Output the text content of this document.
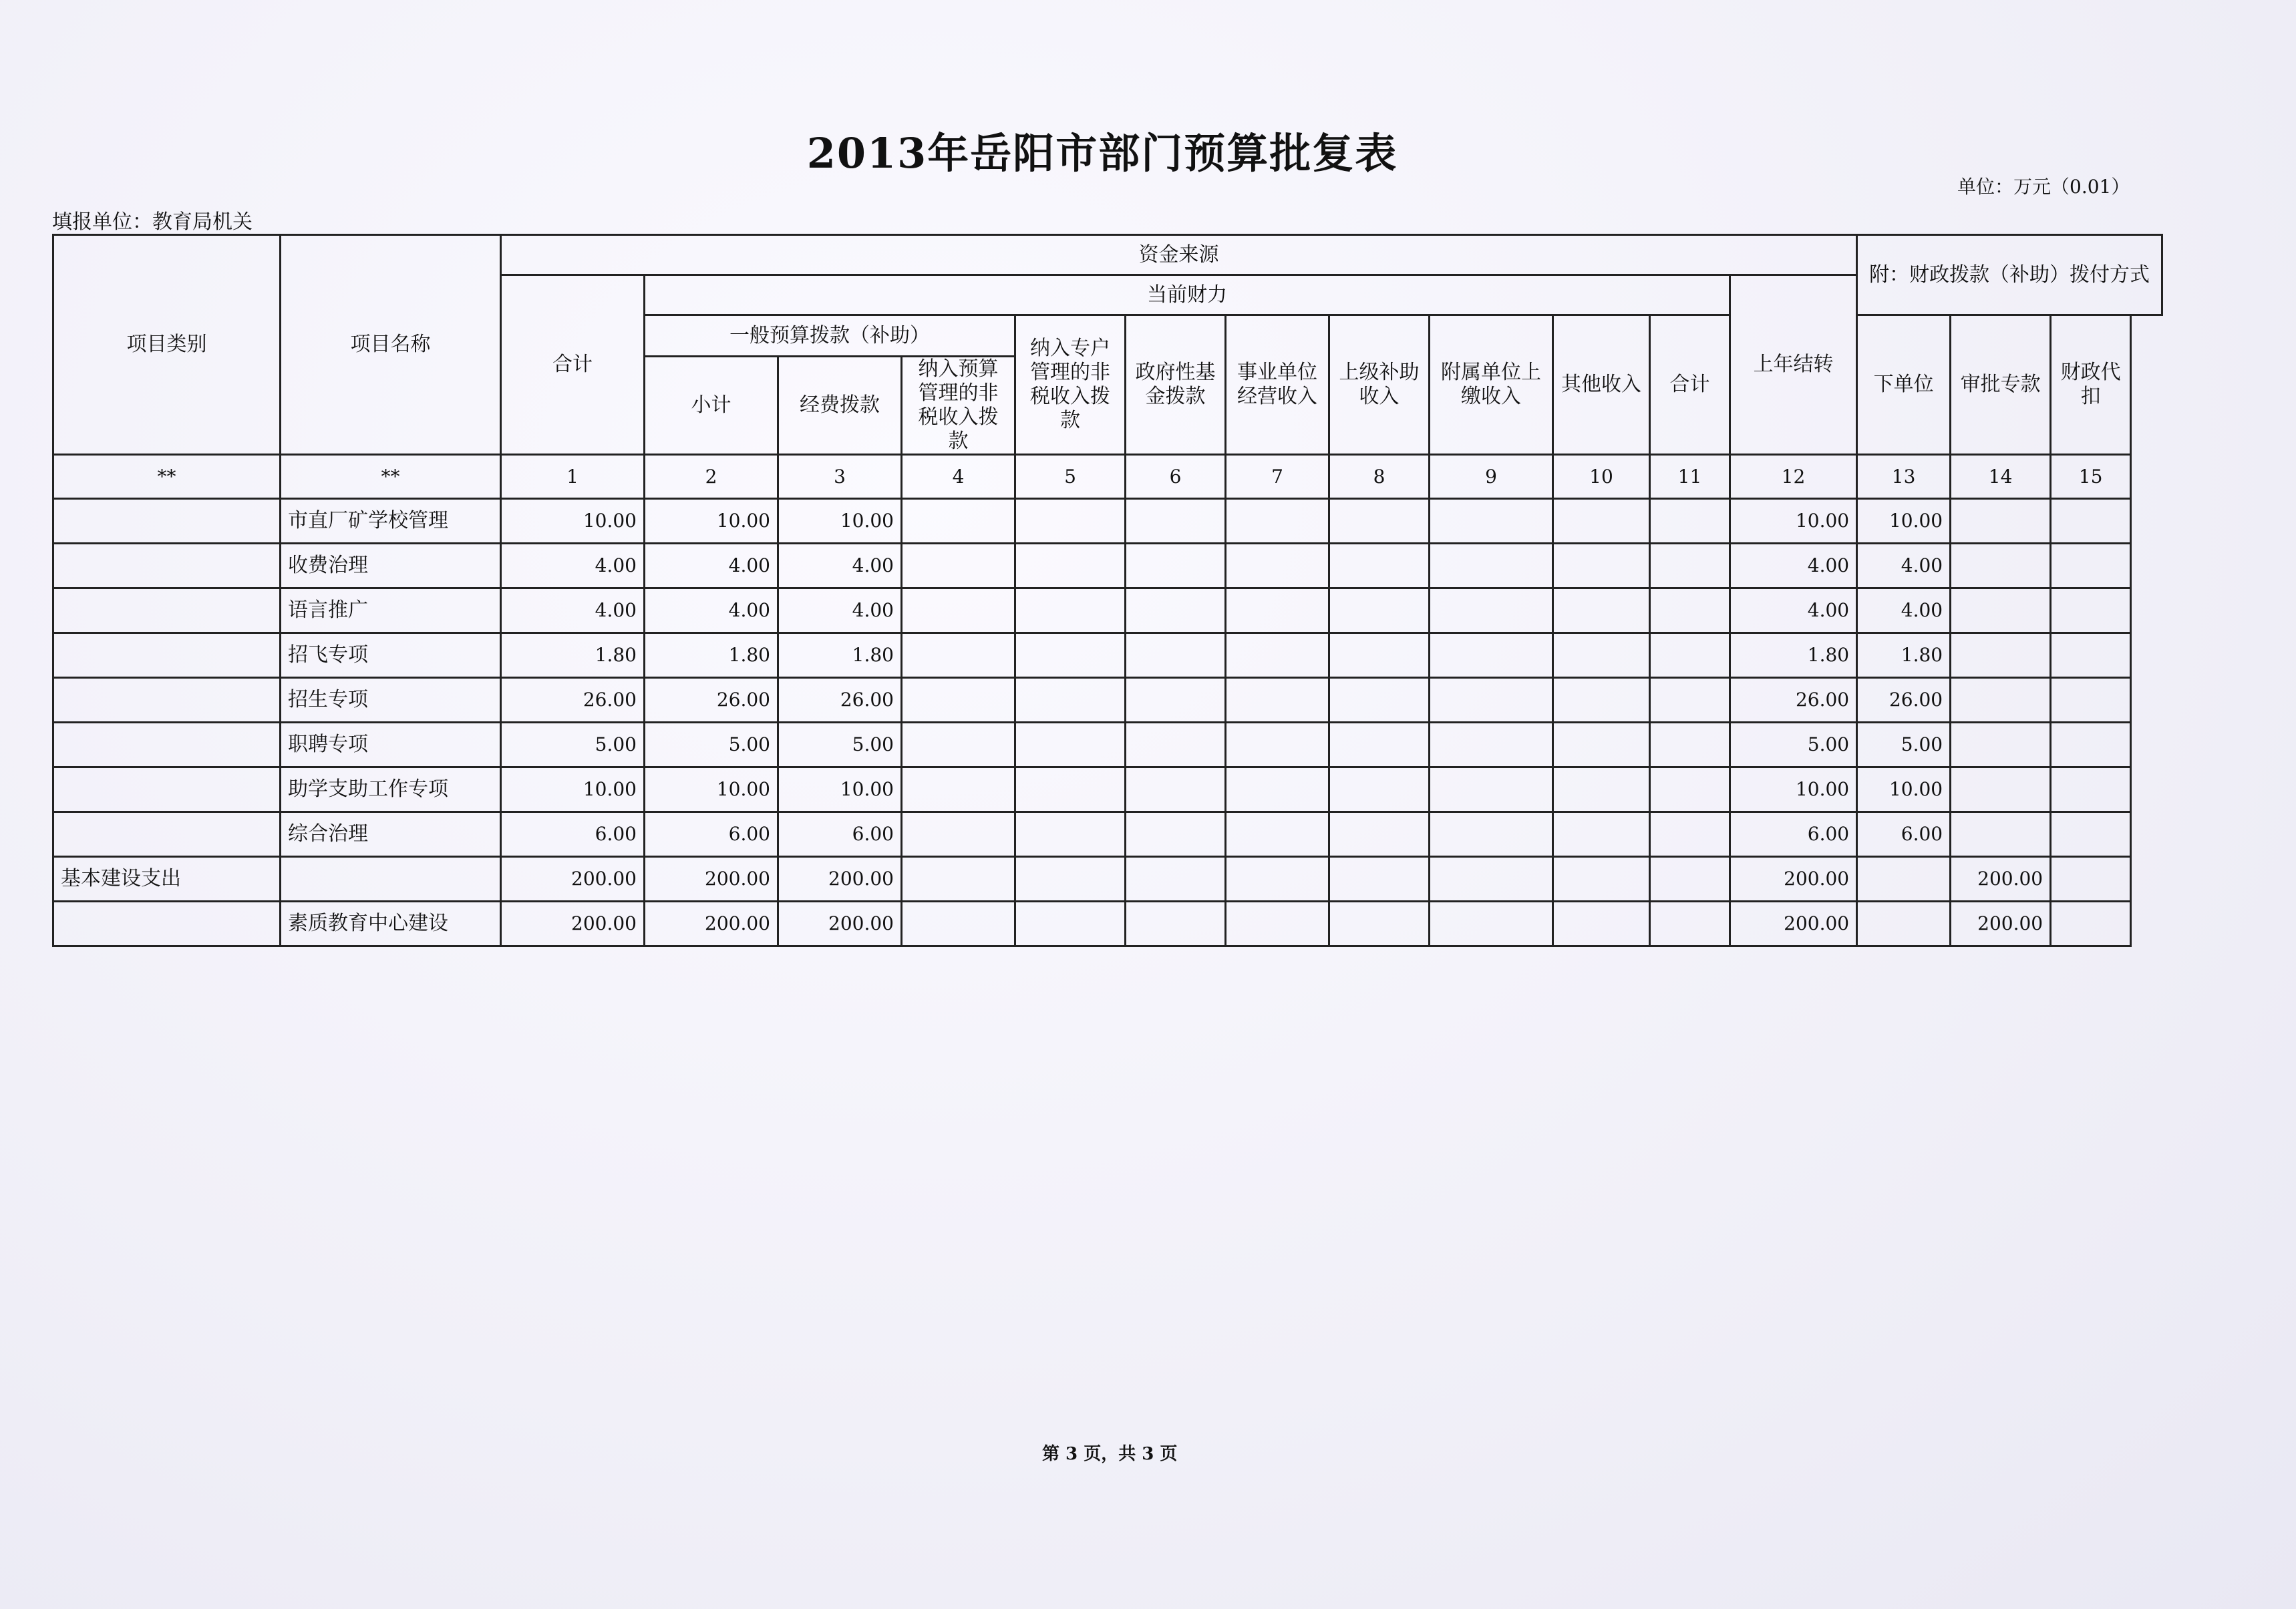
2013年岳阳市部门预算批复表
单位：万元（0.01）
填报单位：教育局机关
项目类别	项目名称	资金来源												附：财政拨款（补助）拨付方式		
		合计	当前财力										上年结转			
			一般预算拨款（补助）			纳入专户管理的非税收入拨款	政府性基金拨款	事业单位经营收入	上级补助收入	附属单位上缴收入	其他收入	合计		下单位	审批专款	财政代扣
			小计	经费拨款	纳入预算管理的非税收入拨款											
**	**	1	2	3	4	5	6	7	8	9	10	11	12	13	14	15
	市直厂矿学校管理	10.00	10.00	10.00									10.00	10.00		
	收费治理	4.00	4.00	4.00									4.00	4.00		
	语言推广	4.00	4.00	4.00									4.00	4.00		
	招飞专项	1.80	1.80	1.80									1.80	1.80		
	招生专项	26.00	26.00	26.00									26.00	26.00		
	职聘专项	5.00	5.00	5.00									5.00	5.00		
	助学支助工作专项	10.00	10.00	10.00									10.00	10.00		
	综合治理	6.00	6.00	6.00									6.00	6.00		
基本建设支出		200.00	200.00	200.00									200.00		200.00	
	素质教育中心建设	200.00	200.00	200.00									200.00		200.00	
第 3 页，共 3 页
